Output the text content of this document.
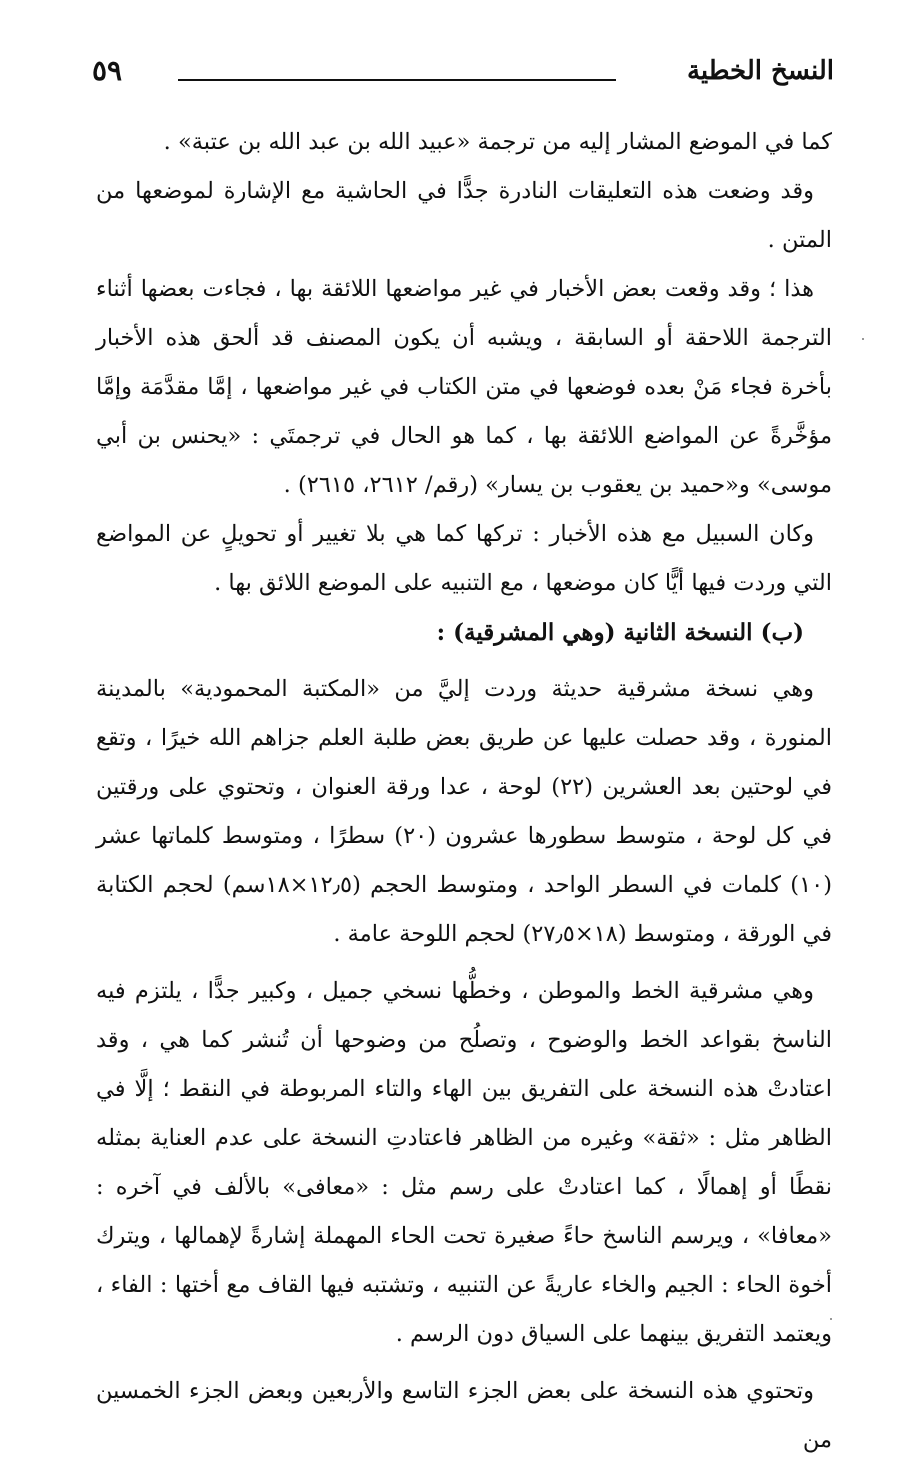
النسخ الخطية
٥٩

كما في الموضع المشار إليه من ترجمة «عبيد الله بن عبد الله بن عتبة» .

وقد وضعت هذه التعليقات النادرة جدًّا في الحاشية مع الإشارة لموضعها من المتن .

هذا ؛ وقد وقعت بعض الأخبار في غير مواضعها اللائقة بها ، فجاءت بعضها أثناء الترجمة اللاحقة أو السابقة ، ويشبه أن يكون المصنف قد ألحق هذه الأخبار بأخرة فجاء مَنْ بعده فوضعها في متن الكتاب في غير مواضعها ، إمَّا مقدَّمَة وإمَّا مؤخَّرةً عن المواضع اللائقة بها ، كما هو الحال في ترجمتَي : «يحنس بن أبي موسى» و«حميد بن يعقوب بن يسار» (رقم/ ٢٦١٢، ٢٦١٥) .

وكان السبيل مع هذه الأخبار : تركها كما هي بلا تغيير أو تحويلٍ عن المواضع التي وردت فيها أيًّا كان موضعها ، مع التنبيه على الموضع اللائق بها .

(ب) النسخة الثانية (وهي المشرقية) :

وهي نسخة مشرقية حديثة وردت إليَّ من «المكتبة المحمودية» بالمدينة المنورة ، وقد حصلت عليها عن طريق بعض طلبة العلم جزاهم الله خيرًا ، وتقع في لوحتين بعد العشرين (٢٢) لوحة ، عدا ورقة العنوان ، وتحتوي على ورقتين في كل لوحة ، متوسط سطورها عشرون (٢٠) سطرًا ، ومتوسط كلماتها عشر (١٠) كلمات في السطر الواحد ، ومتوسط الحجم (١٢٫٥×١٨سم) لحجم الكتابة في الورقة ، ومتوسط (١٨×٢٧٫٥) لحجم اللوحة عامة .

وهي مشرقية الخط والموطن ، وخطُّها نسخي جميل ، وكبير جدًّا ، يلتزم فيه الناسخ بقواعد الخط والوضوح ، وتصلُح من وضوحها أن تُنشر كما هي ، وقد اعتادتْ هذه النسخة على التفريق بين الهاء والتاء المربوطة في النقط ؛ إلَّا في الظاهر مثل : «ثقة» وغيره من الظاهر فاعتادتِ النسخة على عدم العناية بمثله نقطًا أو إهمالًا ، كما اعتادتْ على رسم مثل : «معافى» بالألف في آخره : «معافا» ، ويرسم الناسخ حاءً صغيرة تحت الحاء المهملة إشارةً لإهمالها ، ويترك أخوة الحاء : الجيم والخاء عاريةً عن التنبيه ، وتشتبه فيها القاف مع أختها : الفاء ، ويعتمد التفريق بينهما على السياق دون الرسم .

وتحتوي هذه النسخة على بعض الجزء التاسع والأربعين وبعض الجزء الخمسين من
